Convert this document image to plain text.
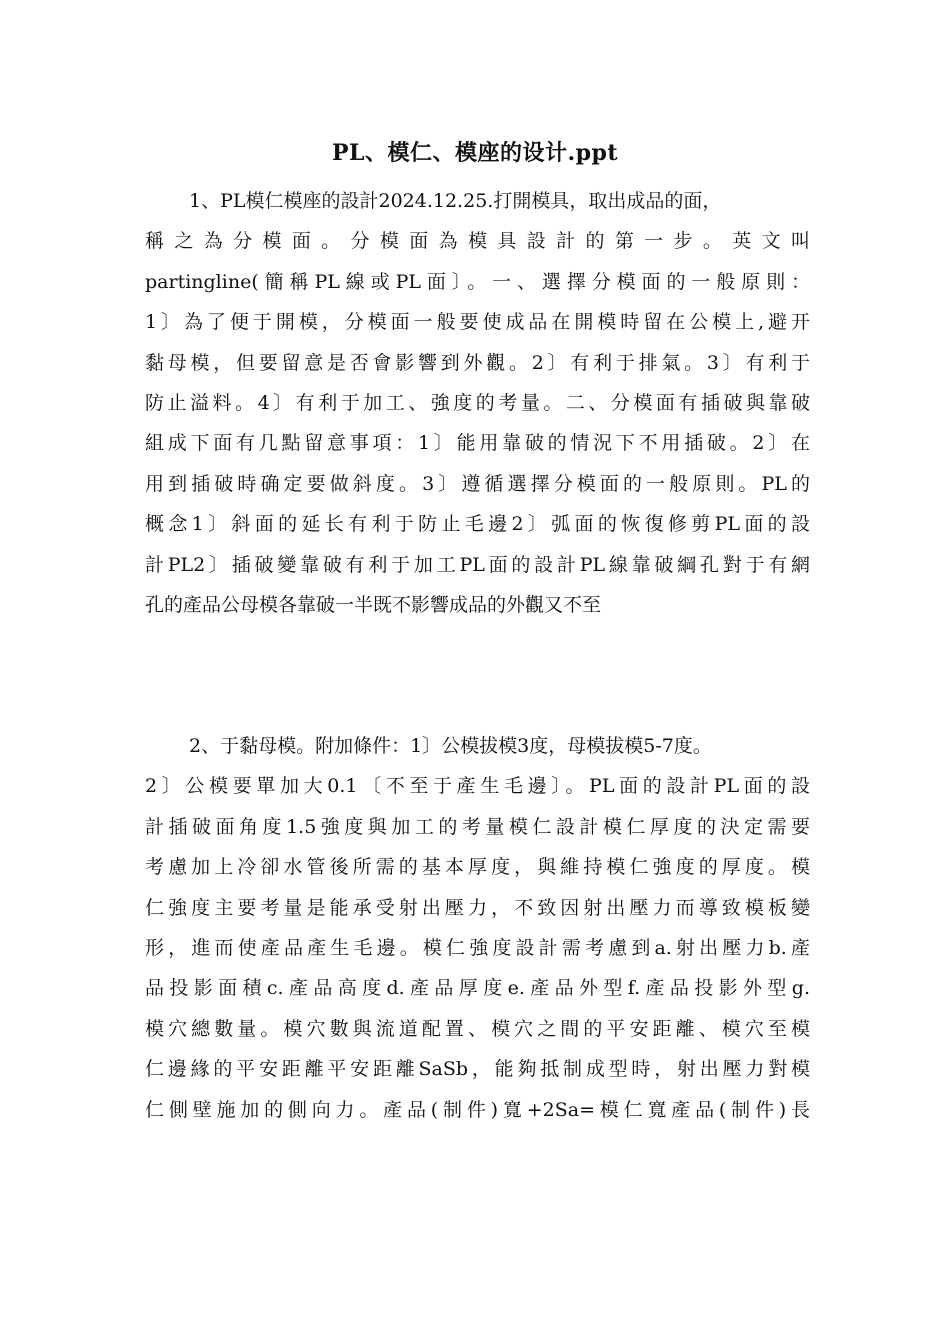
PL、模仁、模座的设计.ppt
1、PL模仁模座的設計2024.12.25.打開模具，取出成品的面，
稱 之 為 分 模 面 。 分 模 面 為 模 具 設 計 的 第 一 步 。 英 文 叫
partingline(簡稱PL線或PL面〕。一、選擇分模面的一般原則：
1〕為了便于開模，分模面一般要使成品在開模時留在公模上,避开
黏母模，但要留意是否會影響到外觀。2〕有利于排氣。3〕有利于
防止溢料。4〕有利于加工、強度的考量。二、分模面有插破與靠破
組成下面有几點留意事項：1〕能用靠破的情況下不用插破。2〕在
用到插破時确定要做斜度。3〕遵循選擇分模面的一般原則。PL的
概念1〕斜面的延长有利于防止毛邊2〕弧面的恢復修剪PL面的設
計PL2〕插破變靠破有利于加工PL面的設計PL線靠破綱孔對于有網
孔的產品公母模各靠破一半既不影響成品的外觀又不至
2、于黏母模。附加條件：1〕公模拔模3度，母模拔模5-7度。
2〕公模要單加大0.1〔不至于產生毛邊〕。PL面的設計PL面的設
計插破面角度1.5強度與加工的考量模仁設計模仁厚度的決定需要
考慮加上冷卻水管後所需的基本厚度，與維持模仁強度的厚度。模
仁強度主要考量是能承受射出壓力，不致因射出壓力而導致模板變
形，進而使產品產生毛邊。模仁強度設計需考慮到a.射出壓力b.產
品投影面積c.產品高度d.產品厚度e.產品外型f.產品投影外型g.
模穴總數量。模穴數與流道配置、模穴之間的平安距離、模穴至模
仁邊緣的平安距離平安距離SaSb，能夠抵制成型時，射出壓力對模
仁側壁施加的側向力。產品(制件)寬+2Sa=模仁寬產品(制件)長
